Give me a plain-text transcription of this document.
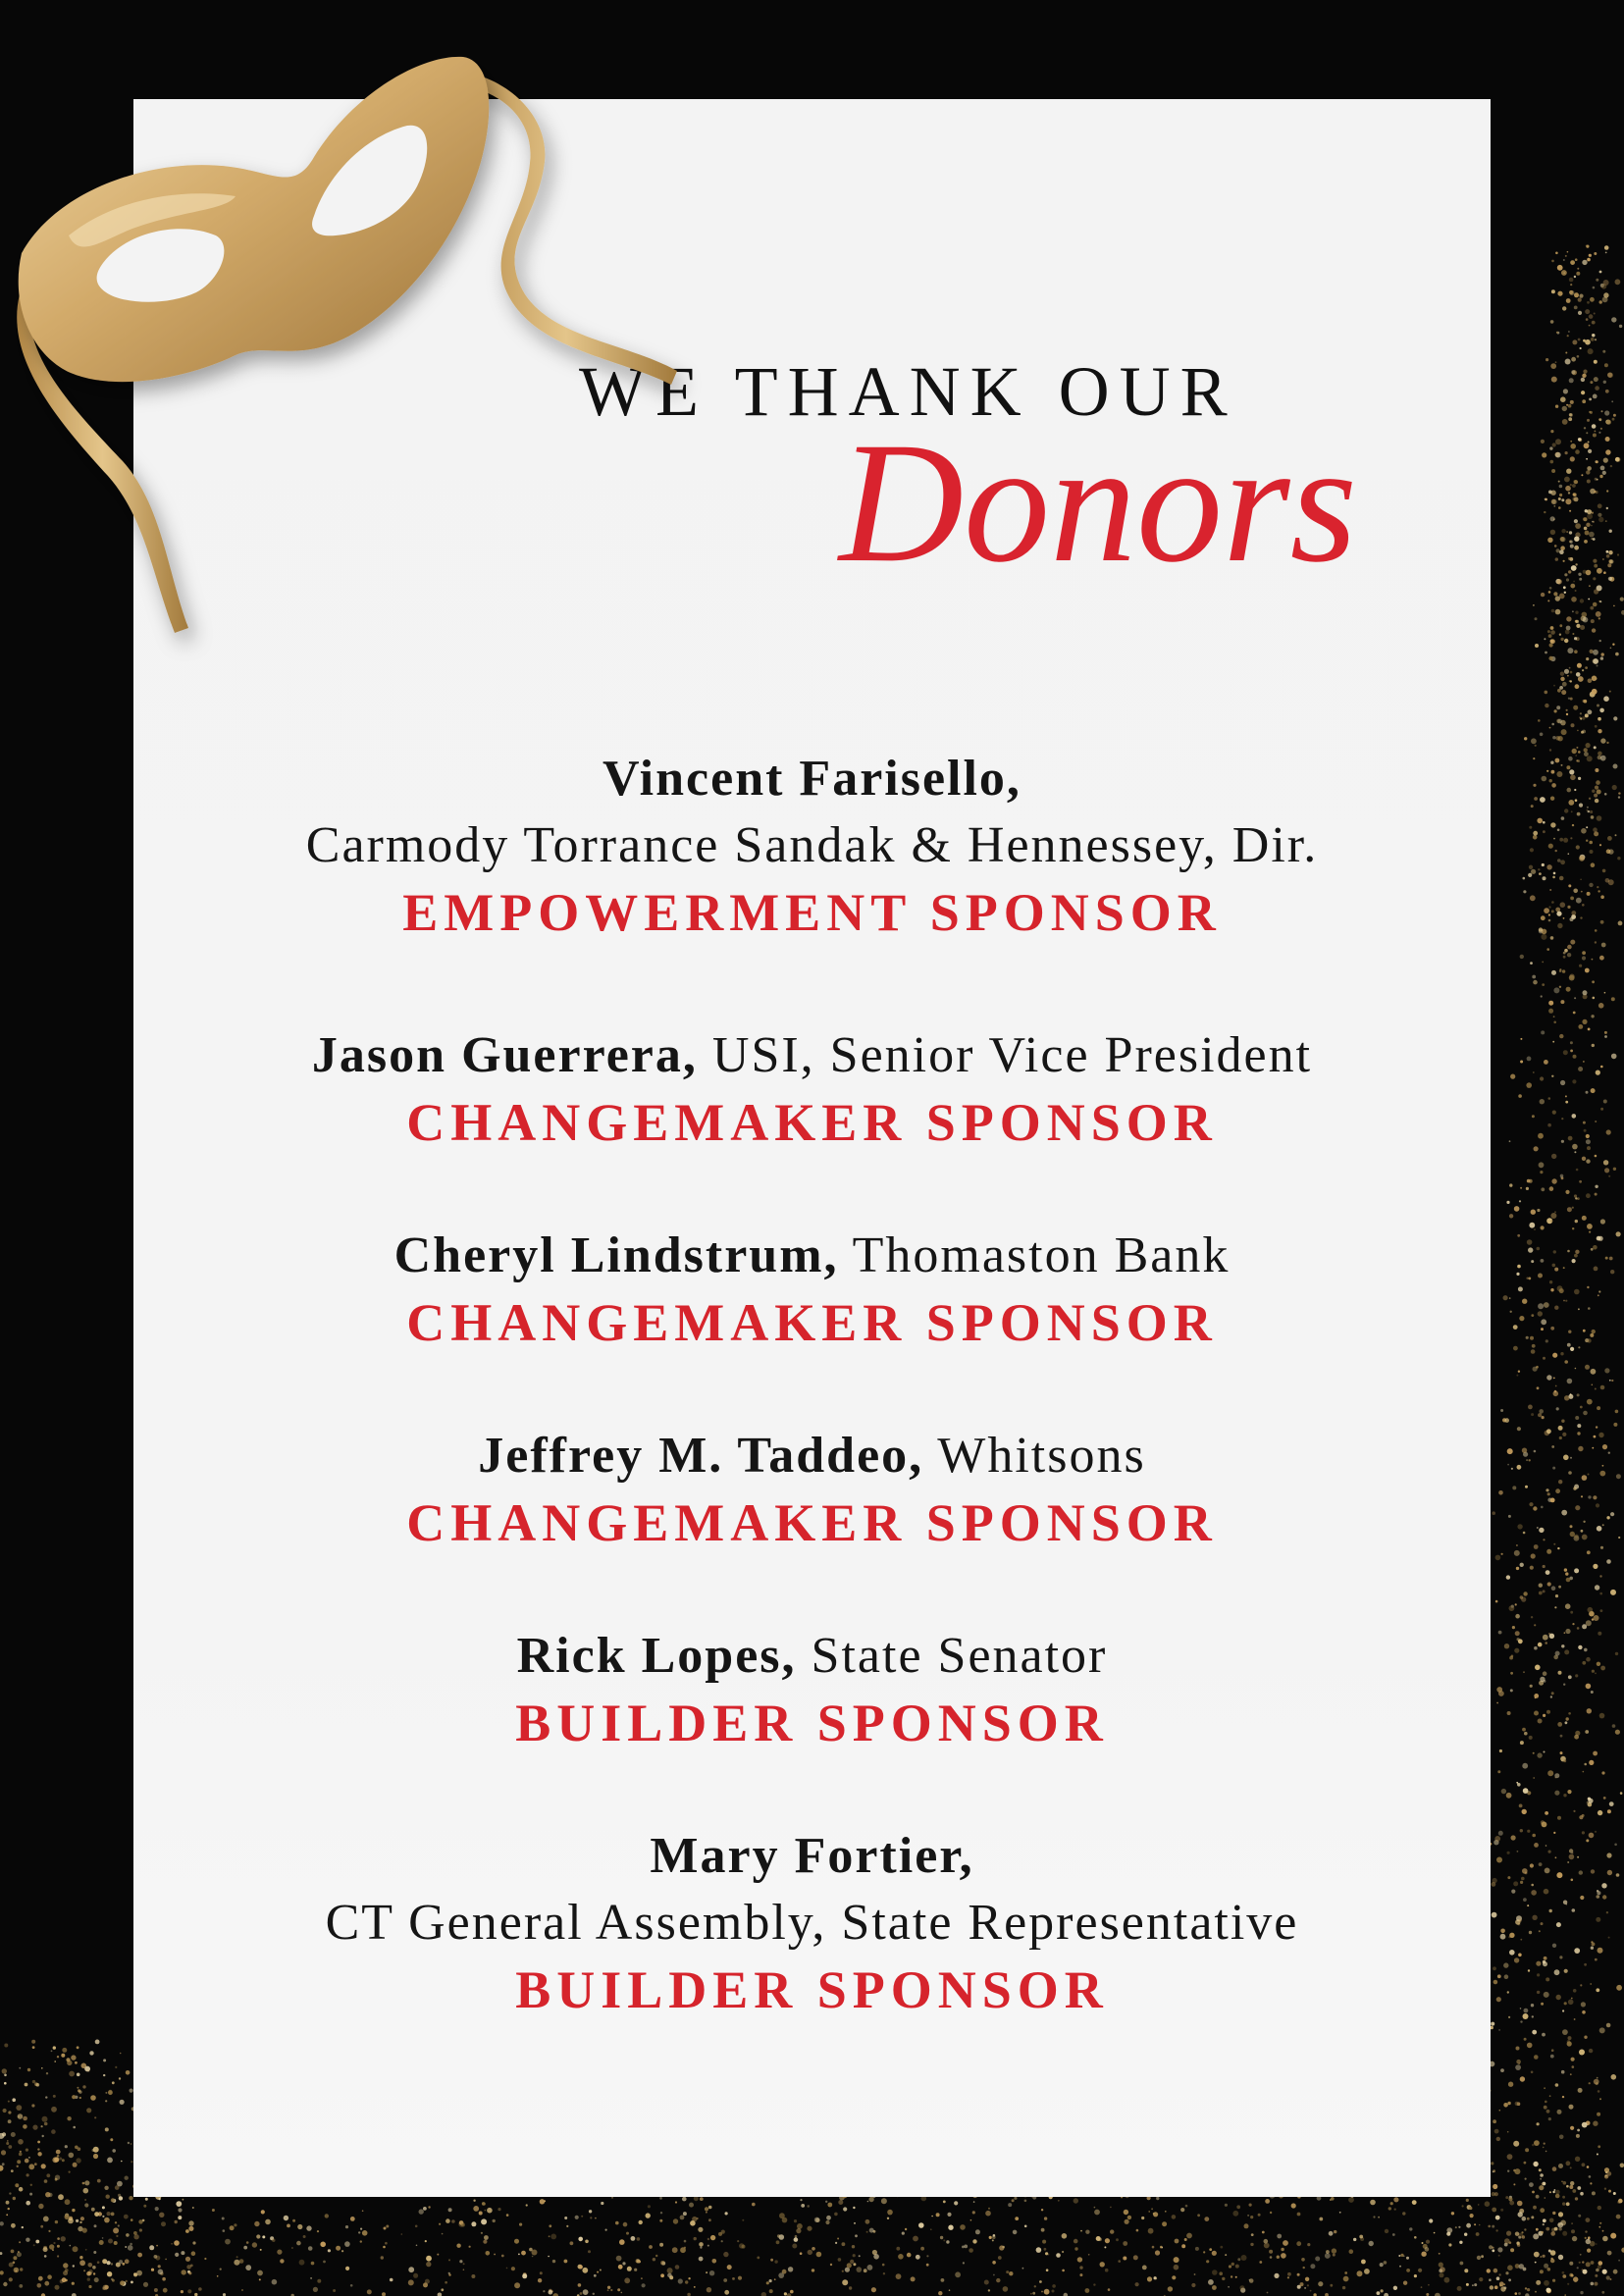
WE THANK OUR
Donors
Vincent Farisello,
Carmody Torrance Sandak & Hennessey, Dir.
EMPOWERMENT SPONSOR
Jason Guerrera, USI, Senior Vice President
CHANGEMAKER SPONSOR
Cheryl Lindstrum, Thomaston Bank
CHANGEMAKER SPONSOR
Jeffrey M. Taddeo, Whitsons
CHANGEMAKER SPONSOR
Rick Lopes, State Senator
BUILDER SPONSOR
Mary Fortier,
CT General Assembly, State Representative
BUILDER SPONSOR
